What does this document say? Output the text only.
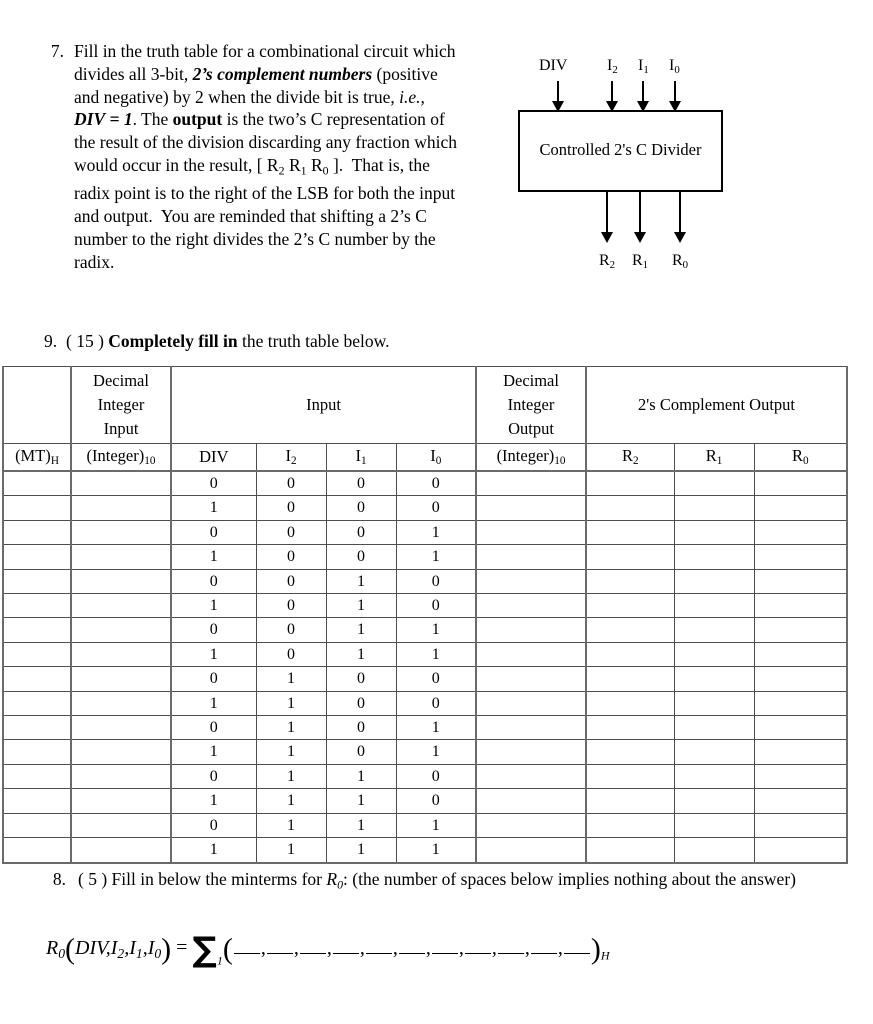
7. Fill in the truth table for a combinational circuit which divides all 3-bit, 2’s complement numbers (positive and negative) by 2 when the divide bit is true, i.e., DIV = 1. The output is the two’s C representation of the result of the division discarding any fraction which would occur in the result, [ $R_2$ $R_1$ $R_0$ ].  That is, the radix point is to the right of the LSB for both the input and output.  You are reminded that shifting a 2’s C number to the right divides the 2’s C number by the radix.
DIV $I_2$ $I_1$ $I_0$
Controlled 2's C Divider
$R_2$ $R_1$ $R_0$
9. ( 15 ) Completely fill in the truth table below.
	Decimal
Integer
Input	Input				Decimal
Integer
Output	2's Complement Output		
$(MT)_H$	$(Integer)_{10}$	DIV	$I_2$	$I_1$	$I_0$	$(Integer)_{10}$	$R_2$	$R_1$	$R_0$
		0	0	0	0				
		1	0	0	0				
		0	0	0	1				
		1	0	0	1				
		0	0	1	0				
		1	0	1	0				
		0	0	1	1				
		1	0	1	1				
		0	1	0	0				
		1	1	0	0				
		0	1	0	1				
		1	1	0	1				
		0	1	1	0				
		1	1	1	0				
		0	1	1	1				
		1	1	1	1				
8. ( 5 ) Fill in below the minterms for $R_0$: (the number of spaces below implies nothing about the answer)
$R_0(DIV,I_2,I_1,I_0) = \sum_1$( , , , , , , , , , , )$_H$
